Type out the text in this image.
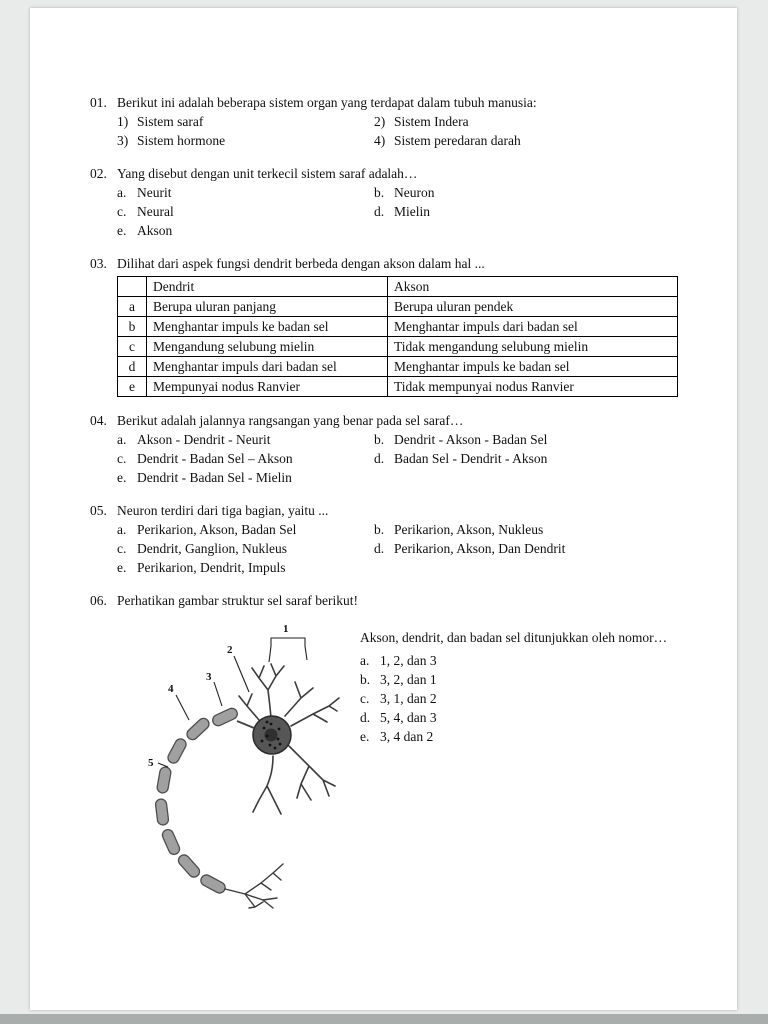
01. Berikut ini adalah beberapa sistem organ yang terdapat dalam tubuh manusia:
1) Sistem saraf	2) Sistem Indera
3) Sistem hormone	4) Sistem peredaran darah
02. Yang disebut dengan unit terkecil sistem saraf adalah…
a. Neurit	b. Neuron
c. Neural	d. Mielin
e. Akson
03. Dilihat dari aspek fungsi dendrit berbeda dengan akson dalam hal ...
	Dendrit	Akson
a	Berupa uluran panjang	Berupa uluran pendek
b	Menghantar impuls ke badan sel	Menghantar impuls dari badan sel
c	Mengandung selubung mielin	Tidak mengandung selubung mielin
d	Menghantar impuls dari badan sel	Menghantar impuls ke badan sel
e	Mempunyai nodus Ranvier	Tidak mempunyai nodus Ranvier
04. Berikut adalah jalannya rangsangan yang benar pada sel saraf…
a. Akson - Dendrit - Neurit	b. Dendrit - Akson - Badan Sel
c. Dendrit - Badan Sel – Akson	d. Badan Sel - Dendrit - Akson
e. Dendrit - Badan Sel - Mielin
05. Neuron terdiri dari tiga bagian, yaitu ...
a. Perikarion, Akson, Badan Sel	b. Perikarion, Akson, Nukleus
c. Dendrit, Ganglion, Nukleus	d. Perikarion, Akson, Dan Dendrit
e. Perikarion, Dendrit, Impuls
06. Perhatikan gambar struktur sel saraf berikut!
1
2
3
4
5
Akson, dendrit, dan badan sel ditunjukkan oleh nomor…
a. 1, 2, dan 3
b. 3, 2, dan 1
c. 3, 1, dan 2
d. 5, 4, dan 3
e. 3, 4 dan 2
